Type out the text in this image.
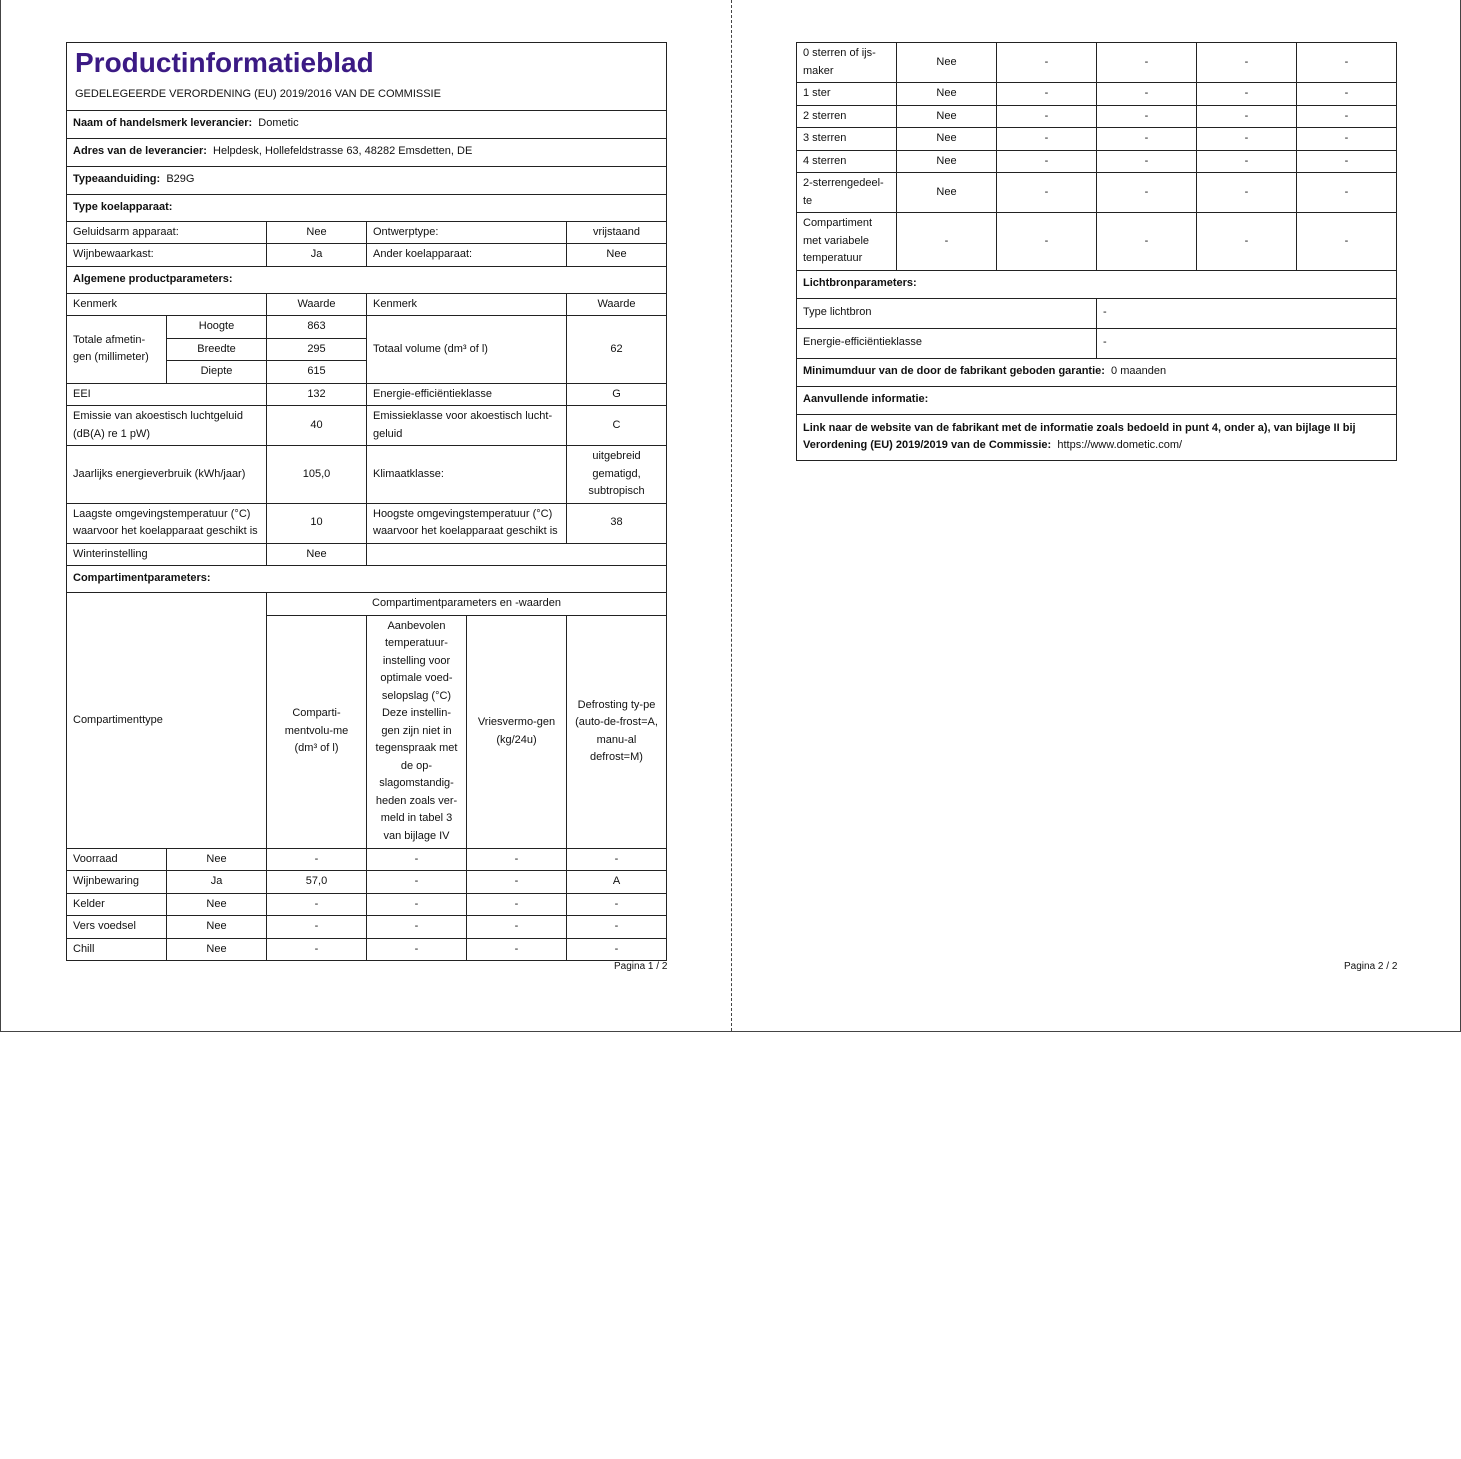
Productinformatieblad
GEDELEGEERDE VERORDENING (EU) 2019/2016 VAN DE COMMISSIE					

Naam of handelsmerk leverancier: Dometic					
Adres van de leverancier: Helpdesk, Hollefeldstrasse 63, 48282 Emsdetten, DE					
Typeaanduiding: B29G					
Type koelapparaat:					
Geluidsarm apparaat:		Nee	Ontwerptype:		vrijstaand
Wijnbewaarkast:		Ja	Ander koelapparaat:		Nee
Algemene productparameters:					
Kenmerk		Waarde	Kenmerk		Waarde
Totale afmetin-gen (millimeter)	Hoogte	863	Totaal volume (dm³ of l)		62
	Breedte	295			
	Diepte	615			
EEI		132	Energie-efficiëntieklasse		G
Emissie van akoestisch luchtgeluid (dB(A) re 1 pW)		40	Emissieklasse voor akoestisch lucht-geluid		C
Jaarlijks energieverbruik (kWh/jaar)		105,0	Klimaatklasse:		uitgebreid gematigd, subtropisch
Laagste omgevingstemperatuur (°C) waarvoor het koelapparaat geschikt is		10	Hoogste omgevingstemperatuur (°C) waarvoor het koelapparaat geschikt is		38
Winterinstelling		Nee			
Compartimentparameters:					
Compartimenttype		Compartimentparameters en -waarden			
		Comparti-mentvolu-me (dm³ of l)	Aanbevolen temperatuur-instelling voor optimale voed-selopslag (°C) Deze instellin-gen zijn niet in tegenspraak met de op-slagomstandig-heden zoals ver-meld in tabel 3 van bijlage IV	Vriesvermo-gen (kg/24u)	Defrosting ty-pe (auto-de-frost=A, manu-al defrost=M)
Voorraad	Nee	-	-	-	-
Wijnbewaring	Ja	57,0	-	-	A
Kelder	Nee	-	-	-	-
Vers voedsel	Nee	-	-	-	-
Chill	Nee	-	-	-	-
Pagina 1 / 2
0 sterren of ijs-maker	Nee	-	-	-	-
1 ster	Nee	-	-	-	-
2 sterren	Nee	-	-	-	-
3 sterren	Nee	-	-	-	-
4 sterren	Nee	-	-	-	-
2-sterrengedeel-te	Nee	-	-	-	-
Compartiment met variabele temperatuur	-	-	-	-	-
Lichtbronparameters:					
Type lichtbron			-		
Energie-efficiëntieklasse			-		
Minimumduur van de door de fabrikant geboden garantie: 0 maanden					
Aanvullende informatie:					
Link naar de website van de fabrikant met de informatie zoals bedoeld in punt 4, onder a), van bijlage II bij Verordening (EU) 2019/2019 van de Commissie: https://www.dometic.com/					
Pagina 2 / 2
